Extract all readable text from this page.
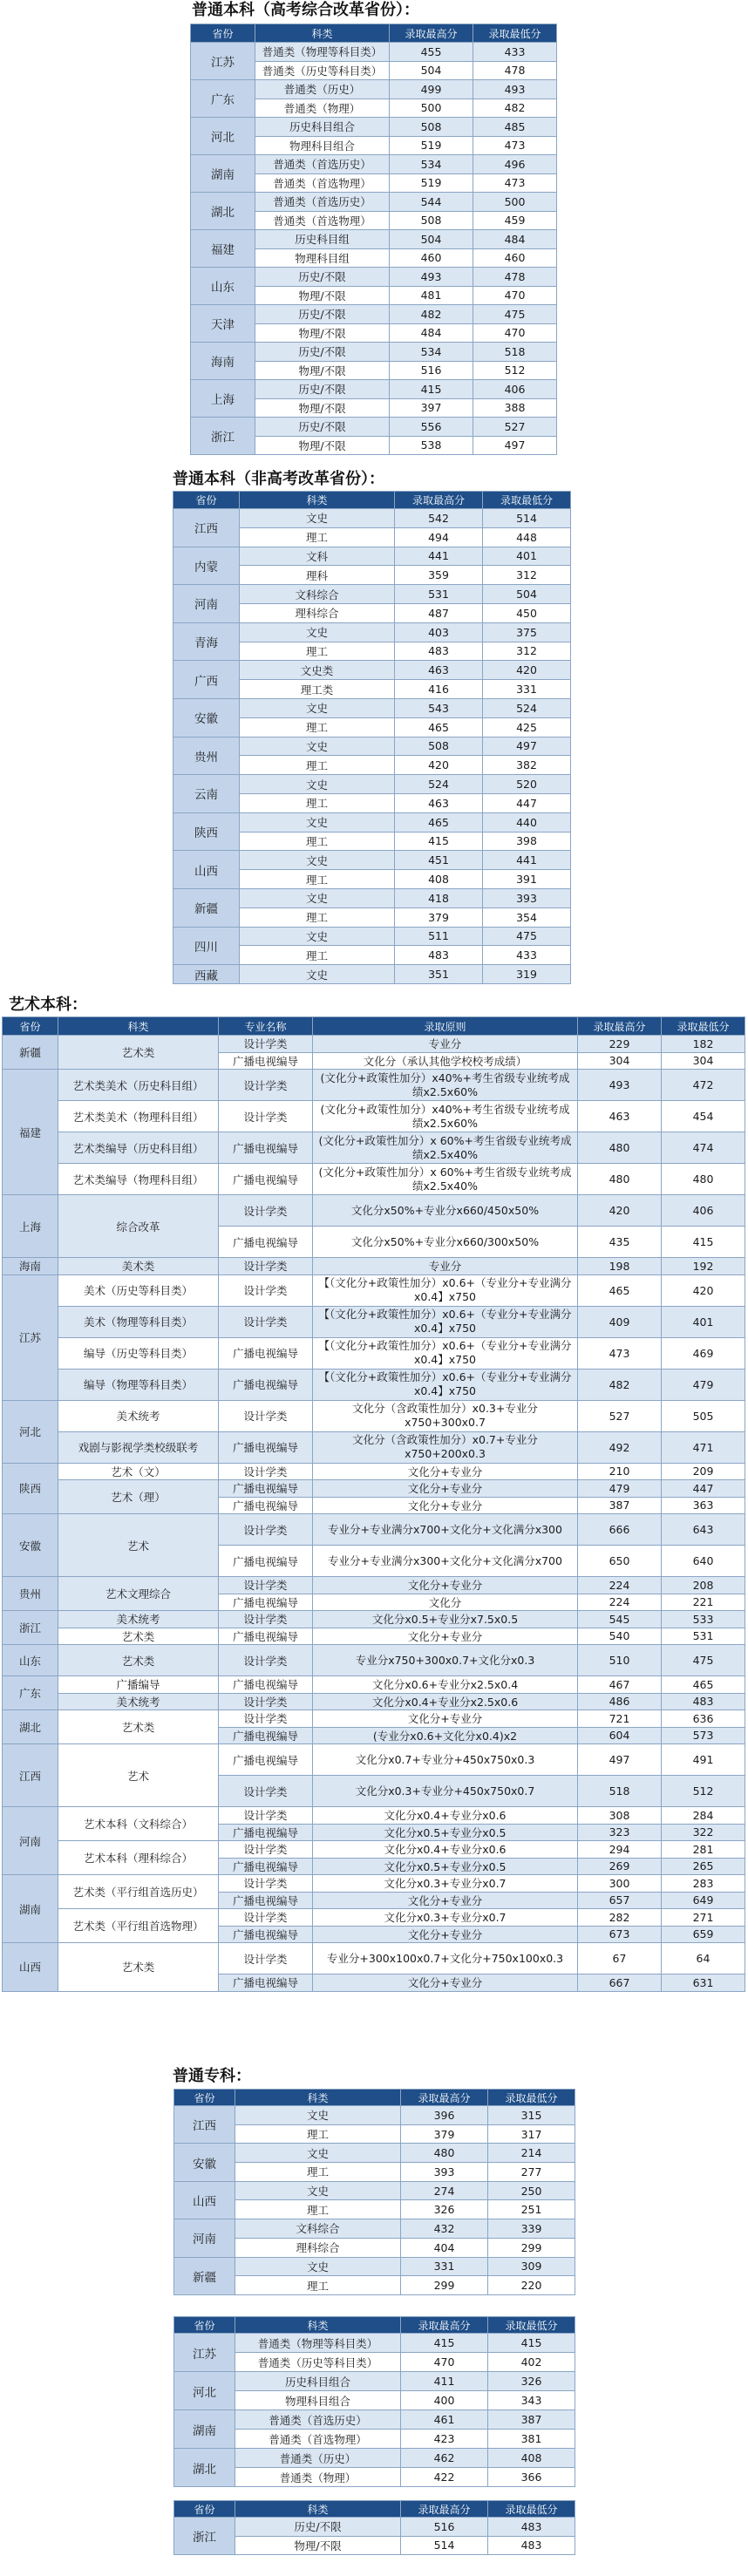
普通本科（高考综合改革省份）：
省份	科类	录取最高分	录取最低分
江苏	普通类（物理等科目类）	455	433
	普通类（历史等科目类）	504	478
广东	普通类（历史）	499	493
	普通类（物理）	500	482
河北	历史科目组合	508	485
	物理科目组合	519	473
湖南	普通类（首选历史）	534	496
	普通类（首选物理）	519	473
湖北	普通类（首选历史）	544	500
	普通类（首选物理）	508	459
福建	历史科目组	504	484
	物理科目组	460	460
山东	历史/不限	493	478
	物理/不限	481	470
天津	历史/不限	482	475
	物理/不限	484	470
海南	历史/不限	534	518
	物理/不限	516	512
上海	历史/不限	415	406
	物理/不限	397	388
浙江	历史/不限	556	527
	物理/不限	538	497
普通本科（非高考改革省份）：
省份	科类	录取最高分	录取最低分
江西	文史	542	514
	理工	494	448
内蒙	文科	441	401
	理科	359	312
河南	文科综合	531	504
	理科综合	487	450
青海	文史	403	375
	理工	483	312
广西	文史类	463	420
	理工类	416	331
安徽	文史	543	524
	理工	465	425
贵州	文史	508	497
	理工	420	382
云南	文史	524	520
	理工	463	447
陕西	文史	465	440
	理工	415	398
山西	文史	451	441
	理工	408	391
新疆	文史	418	393
	理工	379	354
四川	文史	511	475
	理工	483	433
西藏	文史	351	319
艺术本科：
省份	科类	专业名称	录取原则	录取最高分	录取最低分
新疆	艺术类	设计学类	专业分	229	182
		广播电视编导	文化分（承认其他学校校考成绩）	304	304
福建	艺术类美术（历史科目组）	设计学类	(文化分+政策性加分）x40%+考生省级专业统考成绩x2.5x60%	493	472
	艺术类美术（物理科目组）	设计学类	(文化分+政策性加分）x40%+考生省级专业统考成绩x2.5x60%	463	454
	艺术类编导（历史科目组）	广播电视编导	(文化分+政策性加分）x 60%+考生省级专业统考成绩x2.5x40%	480	474
	艺术类编导（物理科目组）	广播电视编导	(文化分+政策性加分）x 60%+考生省级专业统考成绩x2.5x40%	480	480
上海	综合改革	设计学类	文化分x50%+专业分x660/450x50%	420	406
		广播电视编导	文化分x50%+专业分x660/300x50%	435	415
海南	美术类	设计学类	专业分	198	192
江苏	美术（历史等科目类）	设计学类	【（文化分+政策性加分）x0.6+（专业分+专业满分x0.4】x750	465	420
	美术（物理等科目类）	设计学类	【（文化分+政策性加分）x0.6+（专业分+专业满分x0.4】x750	409	401
	编导（历史等科目类）	广播电视编导	【（文化分+政策性加分）x0.6+（专业分+专业满分x0.4】x750	473	469
	编导（物理等科目类）	广播电视编导	【（文化分+政策性加分）x0.6+（专业分+专业满分x0.4】x750	482	479
河北	美术统考	设计学类	文化分（含政策性加分）x0.3+专业分x750+300x0.7	527	505
	戏剧与影视学类校级联考	广播电视编导	文化分（含政策性加分）x0.7+专业分x750+200x0.3	492	471
陕西	艺术（文）	设计学类	文化分+专业分	210	209
	艺术（理）	广播电视编导	文化分+专业分	479	447
		广播电视编导	文化分+专业分	387	363
安徽	艺术	设计学类	专业分+专业满分x700+文化分+文化满分x300	666	643
		广播电视编导	专业分+专业满分x300+文化分+文化满分x700	650	640
贵州	艺术文理综合	设计学类	文化分+专业分	224	208
		广播电视编导	文化分	224	221
浙江	美术统考	设计学类	文化分x0.5+专业分x7.5x0.5	545	533
	艺术类	广播电视编导	文化分+专业分	540	531
山东	艺术类	设计学类	专业分x750+300x0.7+文化分x0.3	510	475
广东	广播编导	广播电视编导	文化分x0.6+专业分x2.5x0.4	467	465
	美术统考	设计学类	文化分x0.4+专业分x2.5x0.6	486	483
湖北	艺术类	设计学类	文化分+专业分	721	636
		广播电视编导	(专业分x0.6+文化分x0.4)x2	604	573
江西	艺术	广播电视编导	文化分x0.7+专业分+450x750x0.3	497	491
		设计学类	文化分x0.3+专业分+450x750x0.7	518	512
河南	艺术本科（文科综合）	设计学类	文化分x0.4+专业分x0.6	308	284
		广播电视编导	文化分x0.5+专业分x0.5	323	322
	艺术本科（理科综合）	设计学类	文化分x0.4+专业分x0.6	294	281
		广播电视编导	文化分x0.5+专业分x0.5	269	265
湖南	艺术类（平行组首选历史）	设计学类	文化分x0.3+专业分x0.7	300	283
		广播电视编导	文化分+专业分	657	649
	艺术类（平行组首选物理）	设计学类	文化分x0.3+专业分x0.7	282	271
		广播电视编导	文化分+专业分	673	659
山西	艺术类	设计学类	专业分+300x100x0.7+文化分+750x100x0.3	67	64
		广播电视编导	文化分+专业分	667	631
普通专科：
省份	科类	录取最高分	录取最低分
江西	文史	396	315
	理工	379	317
安徽	文史	480	214
	理工	393	277
山西	文史	274	250
	理工	326	251
河南	文科综合	432	339
	理科综合	404	299
新疆	文史	331	309
	理工	299	220
省份	科类	录取最高分	录取最低分
江苏	普通类（物理等科目类）	415	415
	普通类（历史等科目类）	470	402
河北	历史科目组合	411	326
	物理科目组合	400	343
湖南	普通类（首选历史）	461	387
	普通类（首选物理）	423	381
湖北	普通类（历史）	462	408
	普通类（物理）	422	366
省份	科类	录取最高分	录取最低分
浙江	历史/不限	516	483
	物理/不限	514	483
